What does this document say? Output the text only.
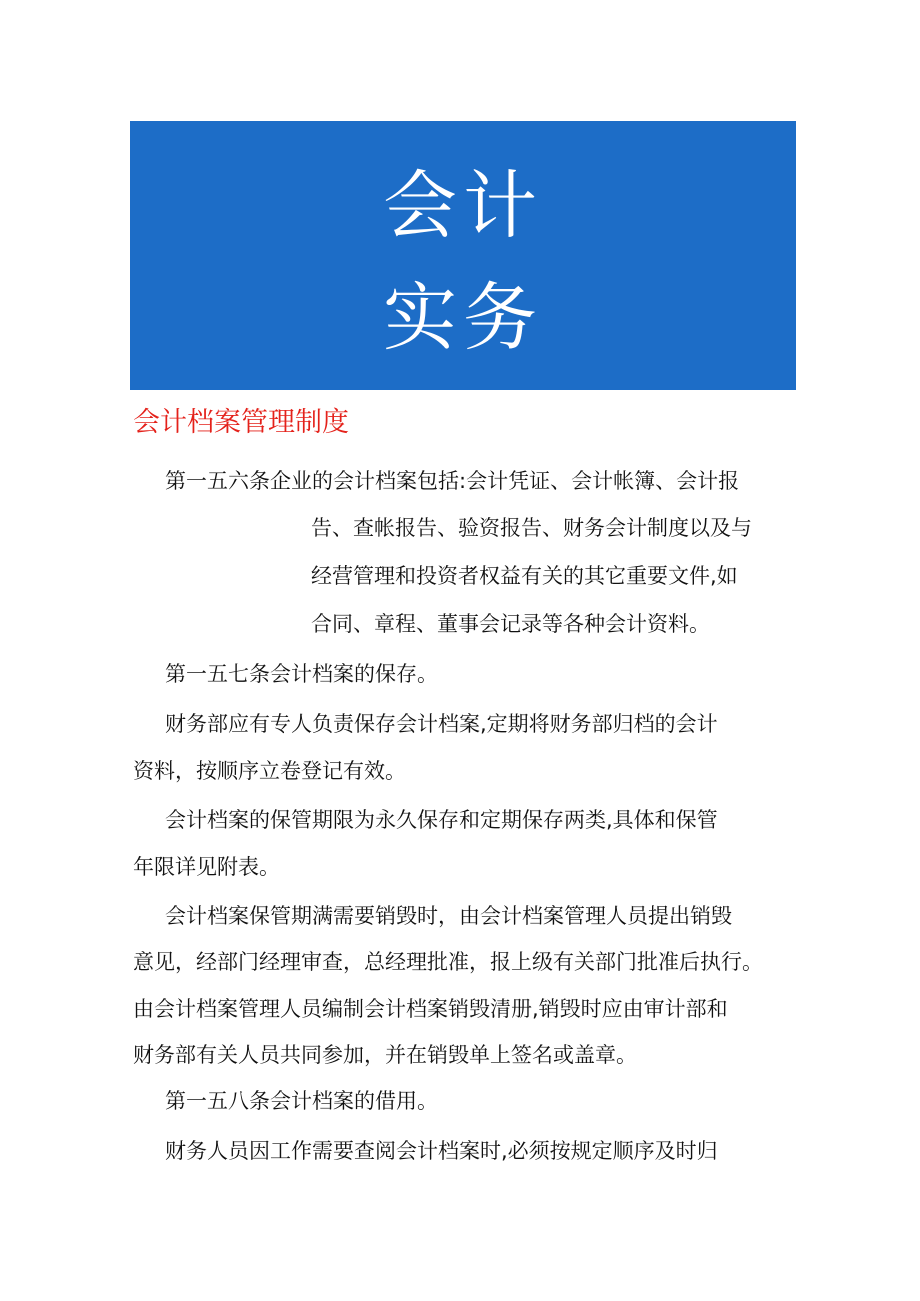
会计
实务
会计档案管理制度
第一五六条企业的会计档案包括:会计凭证、会计帐簿、会计报
告、查帐报告、验资报告、财务会计制度以及与
经营管理和投资者权益有关的其它重要文件,如
合同、章程、董事会记录等各种会计资料。
第一五七条会计档案的保存。
财务部应有专人负责保存会计档案,定期将财务部归档的会计
资料，按顺序立卷登记有效。
会计档案的保管期限为永久保存和定期保存两类,具体和保管
年限详见附表。
会计档案保管期满需要销毁时，由会计档案管理人员提出销毁
意见，经部门经理审查，总经理批准，报上级有关部门批准后执行。
由会计档案管理人员编制会计档案销毁清册,销毁时应由审计部和
财务部有关人员共同参加，并在销毁单上签名或盖章。
第一五八条会计档案的借用。
财务人员因工作需要查阅会计档案时,必须按规定顺序及时归
